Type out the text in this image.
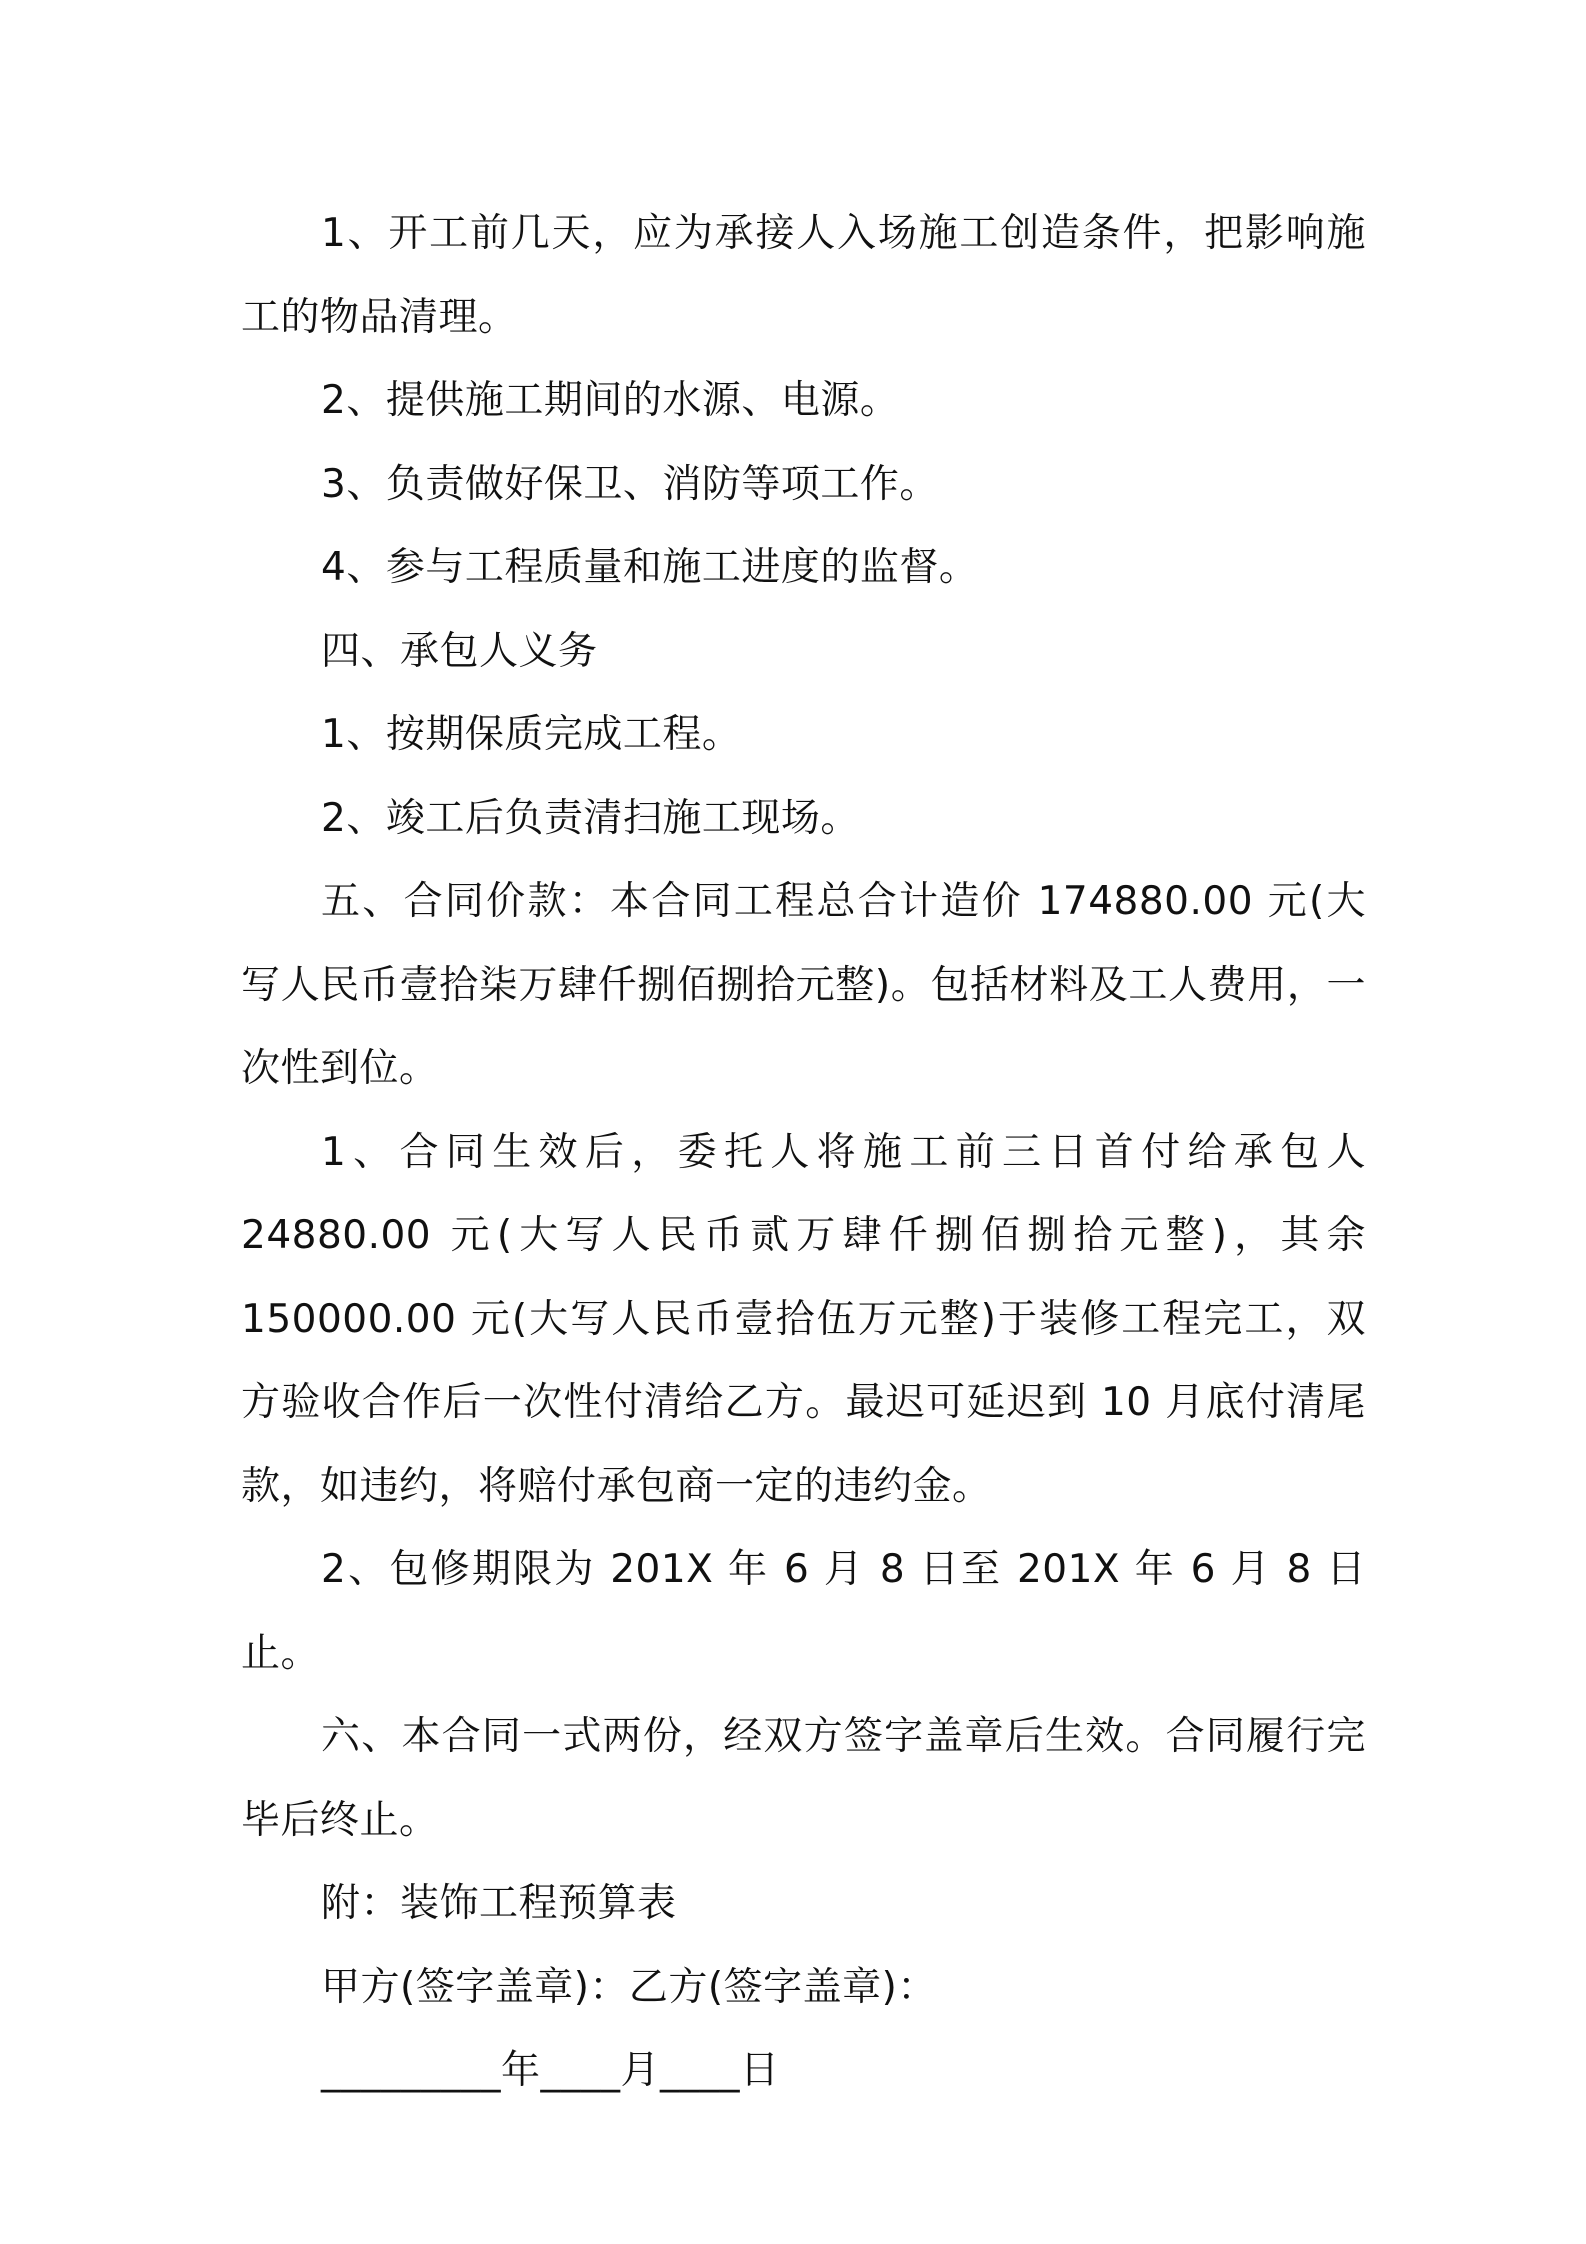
1、开工前几天，应为承接人入场施工创造条件，把影响施工的物品清理。

2、提供施工期间的水源、电源。

3、负责做好保卫、消防等项工作。

4、参与工程质量和施工进度的监督。

四、承包人义务

1、按期保质完成工程。

2、竣工后负责清扫施工现场。

五、合同价款：本合同工程总合计造价 174880.00 元(大写人民币壹拾柒万肆仟捌佰捌拾元整)。包括材料及工人费用，一次性到位。

1、合同生效后，委托人将施工前三日首付给承包人 24880.00 元(大写人民币贰万肆仟捌佰捌拾元整)，其余 150000.00 元(大写人民币壹拾伍万元整)于装修工程完工，双方验收合作后一次性付清给乙方。最迟可延迟到 10 月底付清尾款，如违约，将赔付承包商一定的违约金。

2、包修期限为 201X 年 6 月 8 日至 201X 年 6 月 8 日止。

六、本合同一式两份，经双方签字盖章后生效。合同履行完毕后终止。

附：装饰工程预算表

甲方(签字盖章)：乙方(签字盖章)：

_________年____月____日
